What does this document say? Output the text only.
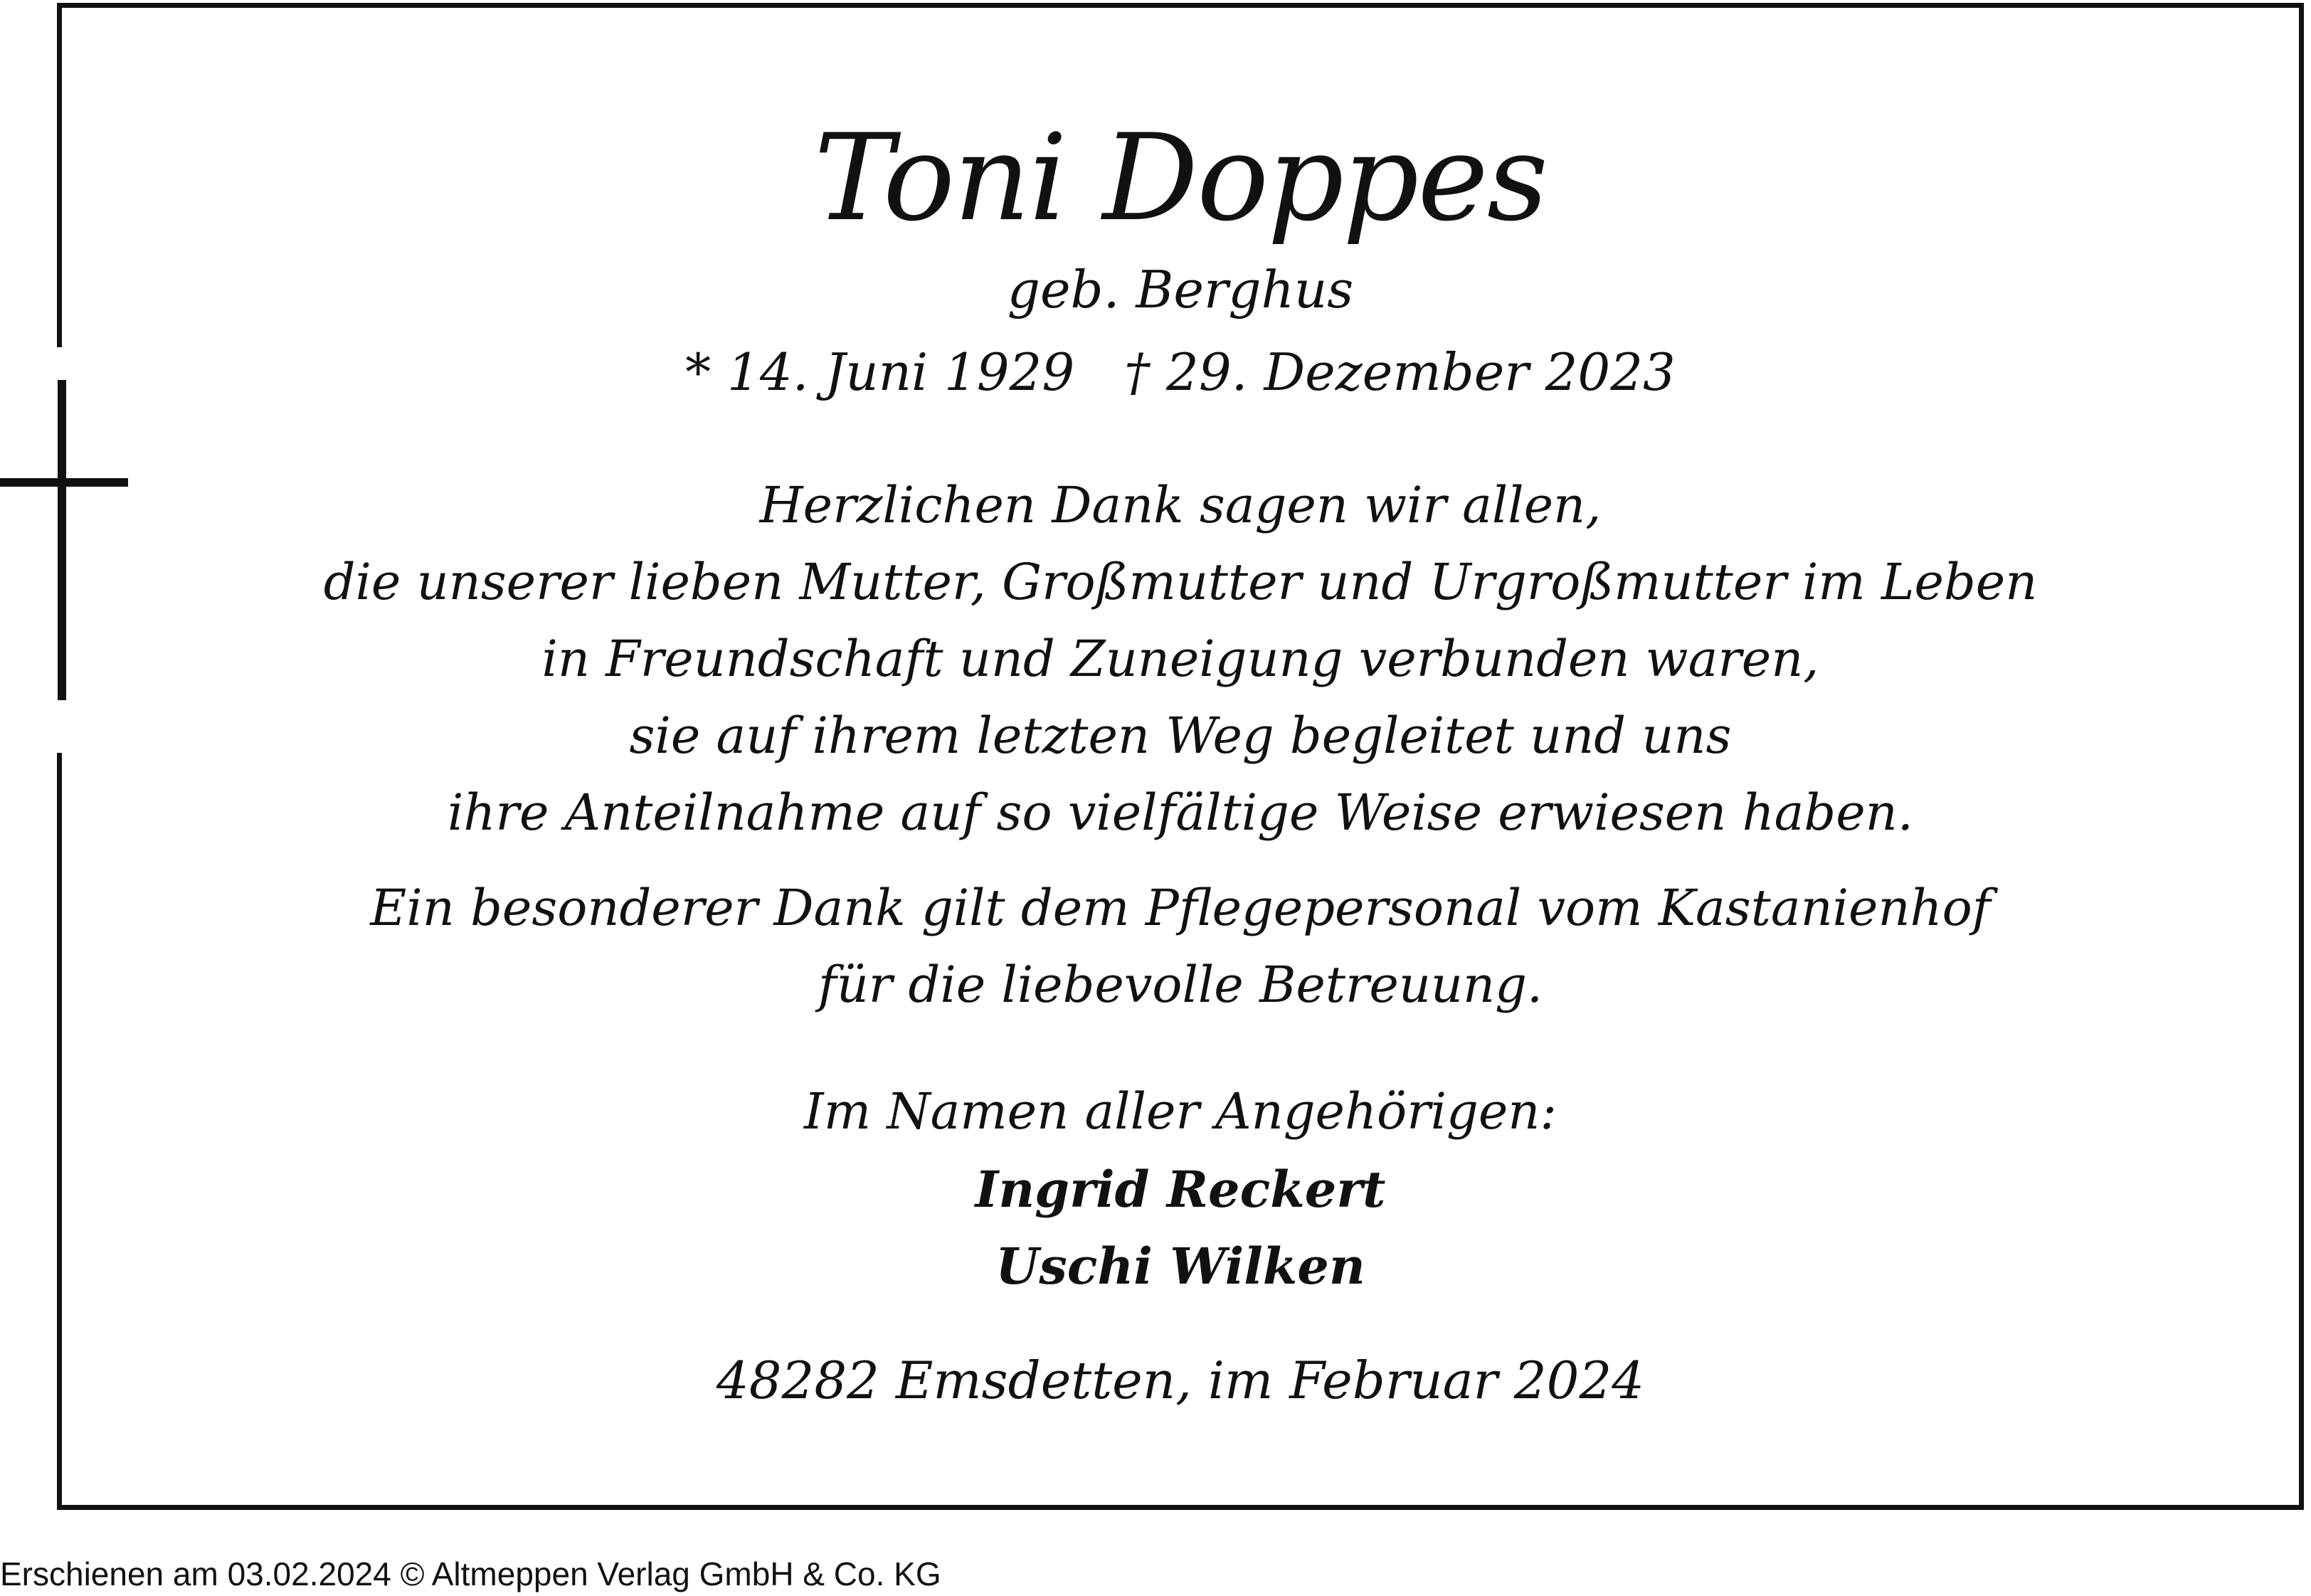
Toni Doppes
geb. Berghus
* 14. Juni 1929 † 29. Dezember 2023
Herzlichen Dank sagen wir allen,
die unserer lieben Mutter, Großmutter und Urgroßmutter im Leben
in Freundschaft und Zuneigung verbunden waren,
sie auf ihrem letzten Weg begleitet und uns
ihre Anteilnahme auf so vielfältige Weise erwiesen haben.
Ein besonderer Dank gilt dem Pflegepersonal vom Kastanienhof
für die liebevolle Betreuung.
Im Namen aller Angehörigen:
Ingrid Reckert
Uschi Wilken
48282 Emsdetten, im Februar 2024
Erschienen am 03.02.2024 © Altmeppen Verlag GmbH & Co. KG
